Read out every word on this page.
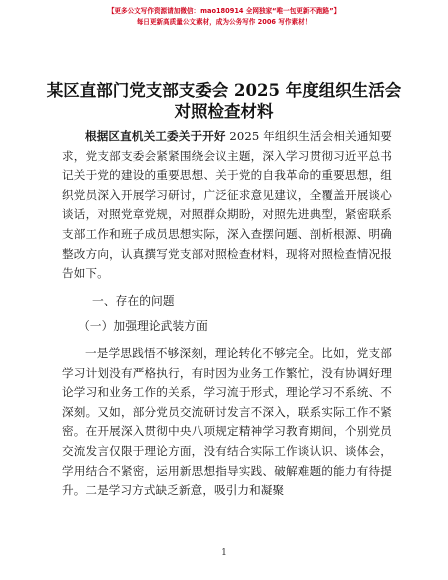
【更多公文写作资源请加微信：mao180914 全网独家“唯一包更新不跑路”】
每日更新高质量公文素材，成为公务写作 2006 写作素材！
某区直部门党支部支委会 2025 年度组织生活会
对照检查材料

根据区直机关工委关于开好 2025 年组织生活会相关通知要求，党支部支委会紧紧围绕会议主题，深入学习贯彻习近平总书记关于党的建设的重要思想、关于党的自我革命的重要思想，组织党员深入开展学习研讨，广泛征求意见建议，全覆盖开展谈心谈话，对照党章党规，对照群众期盼，对照先进典型，紧密联系支部工作和班子成员思想实际，深入查摆问题、剖析根源、明确整改方向，认真撰写党支部对照检查材料，现将对照检查情况报告如下。

一、存在的问题

（一）加强理论武装方面

一是学思践悟不够深刻，理论转化不够完全。比如，党支部学习计划没有严格执行，有时因为业务工作繁忙，没有协调好理论学习和业务工作的关系，学习流于形式，理论学习不系统、不深刻。又如，部分党员交流研讨发言不深入，联系实际工作不紧密。在开展深入贯彻中央八项规定精神学习教育期间，个别党员交流发言仅限于理论方面，没有结合实际工作谈认识、谈体会，学用结合不紧密，运用新思想指导实践、破解难题的能力有待提升。二是学习方式缺乏新意，吸引力和凝聚

1
